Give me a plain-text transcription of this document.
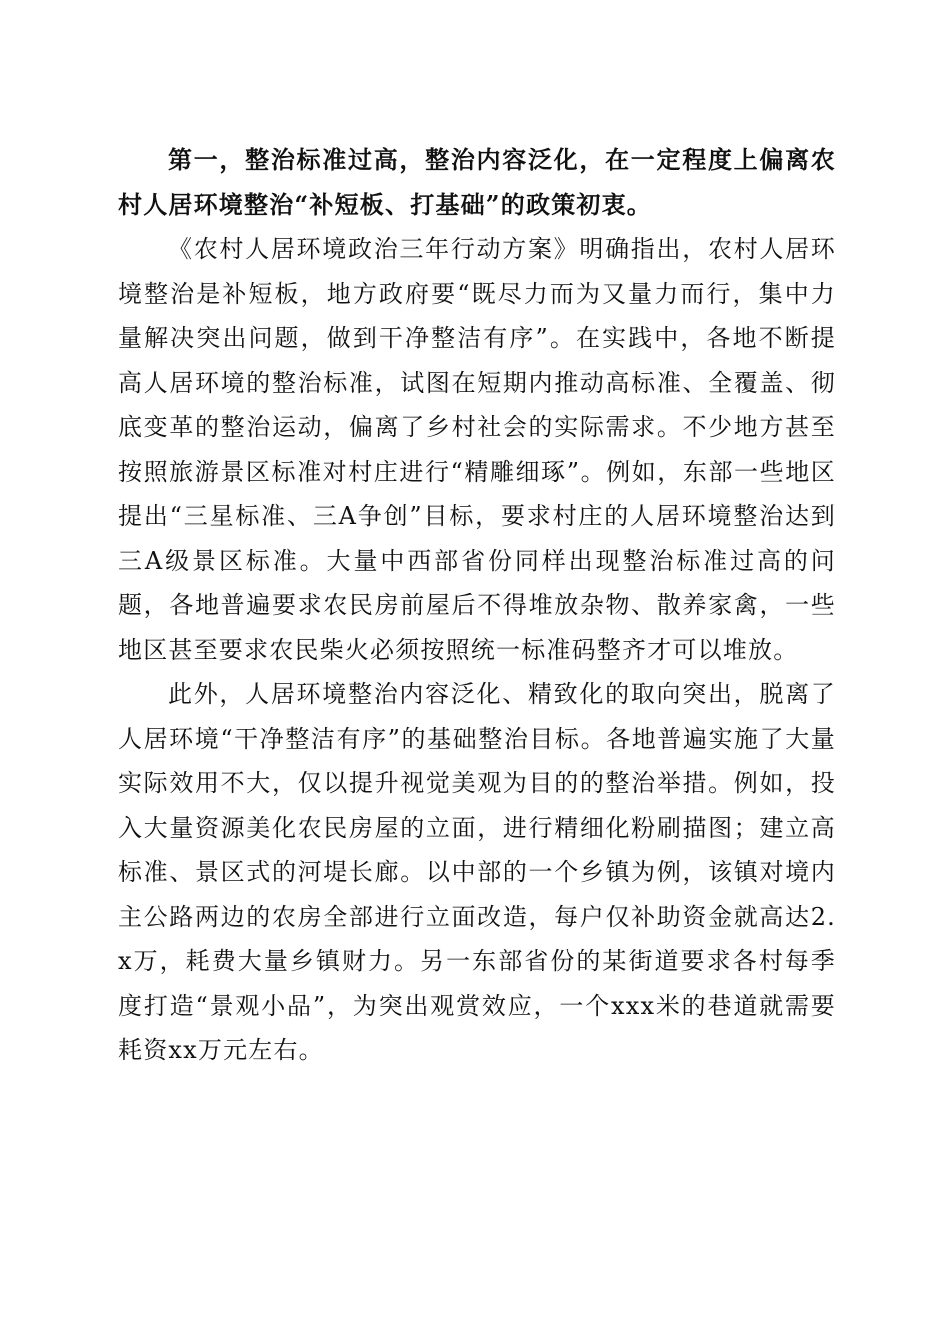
第一，整治标准过高，整治内容泛化，在一定程度上偏离农村人居环境整治“补短板、打基础”的政策初衷。

《农村人居环境政治三年行动方案》明确指出，农村人居环境整治是补短板，地方政府要“既尽力而为又量力而行，集中力量解决突出问题，做到干净整洁有序”。在实践中，各地不断提高人居环境的整治标准，试图在短期内推动高标准、全覆盖、彻底变革的整治运动，偏离了乡村社会的实际需求。不少地方甚至按照旅游景区标准对村庄进行“精雕细琢”。例如，东部一些地区提出“三星标准、三A争创”目标，要求村庄的人居环境整治达到三A级景区标准。大量中西部省份同样出现整治标准过高的问题，各地普遍要求农民房前屋后不得堆放杂物、散养家禽，一些地区甚至要求农民柴火必须按照统一标准码整齐才可以堆放。

此外，人居环境整治内容泛化、精致化的取向突出，脱离了人居环境“干净整洁有序”的基础整治目标。各地普遍实施了大量实际效用不大，仅以提升视觉美观为目的的整治举措。例如，投入大量资源美化农民房屋的立面，进行精细化粉刷描图；建立高标准、景区式的河堤长廊。以中部的一个乡镇为例，该镇对境内主公路两边的农房全部进行立面改造，每户仅补助资金就高达2.x万，耗费大量乡镇财力。另一东部省份的某街道要求各村每季度打造“景观小品”，为突出观赏效应，一个xxx米的巷道就需要耗资xx万元左右。
